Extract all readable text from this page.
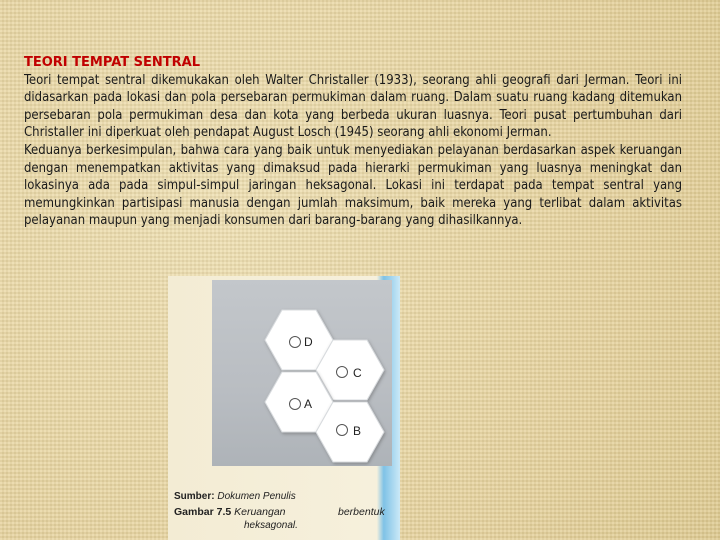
TEORI TEMPAT SENTRAL

Teori tempat sentral dikemukakan oleh Walter Christaller (1933), seorang ahli geografi dari Jerman. Teori ini didasarkan pada lokasi dan pola persebaran permukiman dalam ruang. Dalam suatu ruang kadang ditemukan persebaran pola permukiman desa dan kota yang berbeda ukuran luasnya. Teori pusat pertumbuhan dari Christaller ini diperkuat oleh pendapat August Losch (1945) seorang ahli ekonomi Jerman.

Keduanya berkesimpulan, bahwa cara yang baik untuk menyediakan pelayanan berdasarkan aspek keruangan dengan menempatkan aktivitas yang dimaksud pada hierarki permukiman yang luasnya meningkat dan lokasinya ada pada simpul-simpul jaringan heksagonal. Lokasi ini terdapat pada tempat sentral yang memungkinkan partisipasi manusia dengan jumlah maksimum, baik mereka yang terlibat dalam aktivitas pelayanan maupun yang menjadi konsumen dari barang-barang yang dihasilkannya.

D
C
A
B
Sumber: Dokumen Penulis
Gambar 7.5 Keruangan	berbentuk
heksagonal.
